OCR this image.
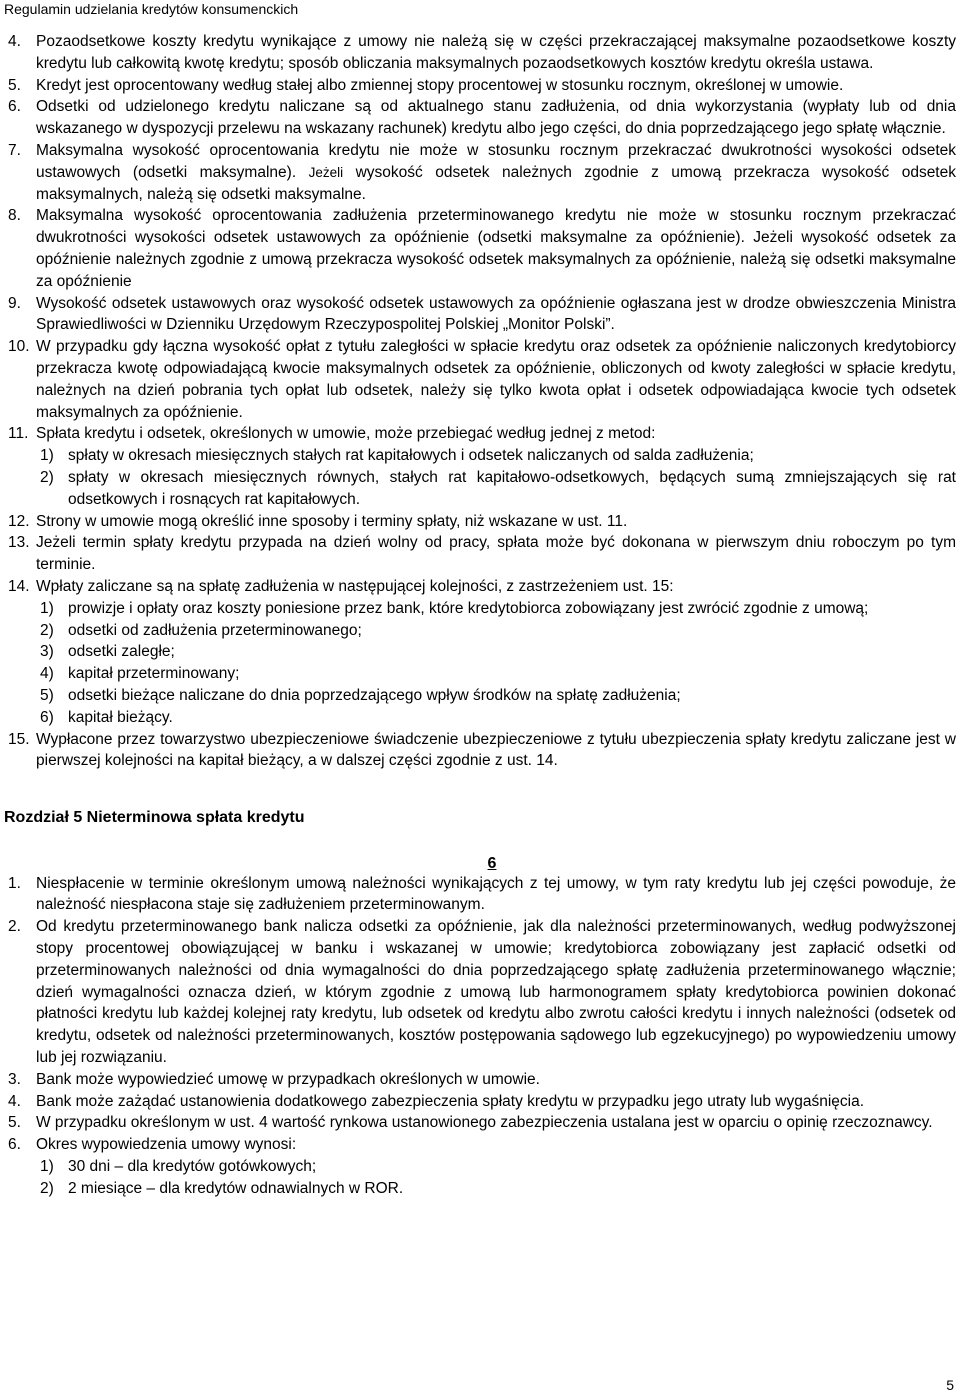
Regulamin udzielania kredytów konsumenckich
4. Pozaodsetkowe koszty kredytu wynikające z umowy nie należą się w części przekraczającej maksymalne pozaodsetkowe koszty kredytu lub całkowitą kwotę kredytu; sposób obliczania maksymalnych pozaodsetkowych kosztów kredytu określa ustawa.
5. Kredyt jest oprocentowany według stałej albo zmiennej stopy procentowej w stosunku rocznym, określonej w umowie.
6. Odsetki od udzielonego kredytu naliczane są od aktualnego stanu zadłużenia, od dnia wykorzystania (wypłaty lub od dnia wskazanego w dyspozycji przelewu na wskazany rachunek) kredytu albo jego części, do dnia poprzedzającego jego spłatę włącznie.
7. Maksymalna wysokość oprocentowania kredytu nie może w stosunku rocznym przekraczać dwukrotności wysokości odsetek ustawowych (odsetki maksymalne). Jeżeli wysokość odsetek należnych zgodnie z umową przekracza wysokość odsetek maksymalnych, należą się odsetki maksymalne.
8. Maksymalna wysokość oprocentowania zadłużenia przeterminowanego kredytu nie może w stosunku rocznym przekraczać dwukrotności wysokości odsetek ustawowych za opóźnienie (odsetki maksymalne za opóźnienie). Jeżeli wysokość odsetek za opóźnienie należnych zgodnie z umową przekracza wysokość odsetek maksymalnych za opóźnienie, należą się odsetki maksymalne za opóźnienie
9. Wysokość odsetek ustawowych oraz wysokość odsetek ustawowych za opóźnienie ogłaszana jest w drodze obwieszczenia Ministra Sprawiedliwości w Dzienniku Urzędowym Rzeczypospolitej Polskiej „Monitor Polski”.
10. W przypadku gdy łączna wysokość opłat z tytułu zaległości w spłacie kredytu oraz odsetek za opóźnienie naliczonych kredytobiorcy przekracza kwotę odpowiadającą kwocie maksymalnych odsetek za opóźnienie, obliczonych od kwoty zaległości w spłacie kredytu, należnych na dzień pobrania tych opłat lub odsetek, należy się tylko kwota opłat i odsetek odpowiadająca kwocie tych odsetek maksymalnych za opóźnienie.
11. Spłata kredytu i odsetek, określonych w umowie, może przebiegać według jednej z metod:
1) spłaty w okresach miesięcznych stałych rat kapitałowych i odsetek naliczanych od salda zadłużenia;
2) spłaty w okresach miesięcznych równych, stałych rat kapitałowo-odsetkowych, będących sumą zmniejszających się rat odsetkowych i rosnących rat kapitałowych.
12. Strony w umowie mogą określić inne sposoby i terminy spłaty, niż wskazane w ust. 11.
13. Jeżeli termin spłaty kredytu przypada na dzień wolny od pracy, spłata może być dokonana w pierwszym dniu roboczym po tym terminie.
14. Wpłaty zaliczane są na spłatę zadłużenia w następującej kolejności, z zastrzeżeniem ust. 15:
1) prowizje i opłaty oraz koszty poniesione przez bank, które kredytobiorca zobowiązany jest zwrócić zgodnie z umową;
2) odsetki od zadłużenia przeterminowanego;
3) odsetki zaległe;
4) kapitał przeterminowany;
5) odsetki bieżące naliczane do dnia poprzedzającego wpływ środków na spłatę zadłużenia;
6) kapitał bieżący.
15. Wypłacone przez towarzystwo ubezpieczeniowe świadczenie ubezpieczeniowe z tytułu ubezpieczenia spłaty kredytu zaliczane jest w pierwszej kolejności na kapitał bieżący, a w dalszej części zgodnie z ust. 14.
Rozdział 5 Nieterminowa spłata kredytu
6
1. Niespłacenie w terminie określonym umową należności wynikających z tej umowy, w tym raty kredytu lub jej części powoduje, że należność niespłacona staje się zadłużeniem przeterminowanym.
2. Od kredytu przeterminowanego bank nalicza odsetki za opóźnienie, jak dla należności przeterminowanych, według podwyższonej stopy procentowej obowiązującej w banku i wskazanej w umowie; kredytobiorca zobowiązany jest zapłacić odsetki od przeterminowanych należności od dnia wymagalności do dnia poprzedzającego spłatę zadłużenia przeterminowanego włącznie; dzień wymagalności oznacza dzień, w którym zgodnie z umową lub harmonogramem spłaty kredytobiorca powinien dokonać płatności kredytu lub każdej kolejnej raty kredytu, lub odsetek od kredytu albo zwrotu całości kredytu i innych należności (odsetek od kredytu, odsetek od należności przeterminowanych, kosztów postępowania sądowego lub egzekucyjnego) po wypowiedzeniu umowy lub jej rozwiązaniu.
3. Bank może wypowiedzieć umowę w przypadkach określonych w umowie.
4. Bank może zażądać ustanowienia dodatkowego zabezpieczenia spłaty kredytu w przypadku jego utraty lub wygaśnięcia.
5. W przypadku określonym w ust. 4 wartość rynkowa ustanowionego zabezpieczenia ustalana jest w oparciu o opinię rzeczoznawcy.
6. Okres wypowiedzenia umowy wynosi:
1) 30 dni – dla kredytów gotówkowych;
2) 2 miesiące – dla kredytów odnawialnych w ROR.
5
